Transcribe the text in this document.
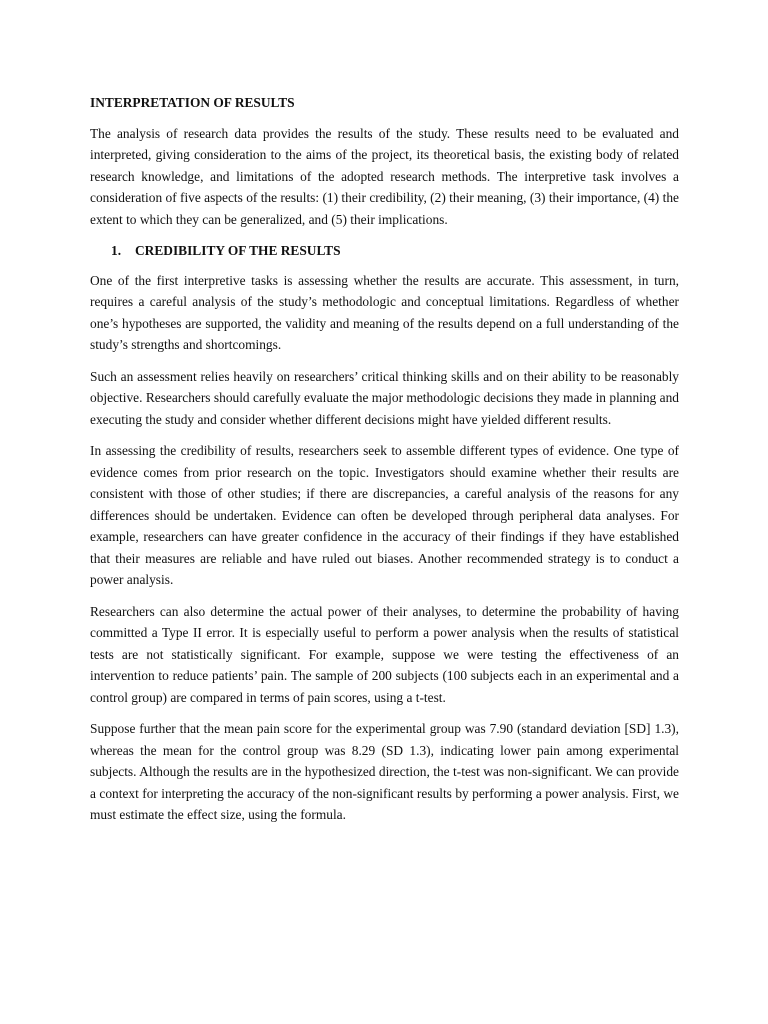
INTERPRETATION OF RESULTS

The analysis of research data provides the results of the study. These results need to be evaluated and interpreted, giving consideration to the aims of the project, its theoretical basis, the existing body of related research knowledge, and limitations of the adopted research methods. The interpretive task involves a consideration of five aspects of the results: (1) their credibility, (2) their meaning, (3) their importance, (4) the extent to which they can be generalized, and (5) their implications.

1. CREDIBILITY OF THE RESULTS

One of the first interpretive tasks is assessing whether the results are accurate. This assessment, in turn, requires a careful analysis of the study’s methodologic and conceptual limitations. Regardless of whether one’s hypotheses are supported, the validity and meaning of the results depend on a full understanding of the study’s strengths and shortcomings.

Such an assessment relies heavily on researchers’ critical thinking skills and on their ability to be reasonably objective. Researchers should carefully evaluate the major methodologic decisions they made in planning and executing the study and consider whether different decisions might have yielded different results.

In assessing the credibility of results, researchers seek to assemble different types of evidence. One type of evidence comes from prior research on the topic. Investigators should examine whether their results are consistent with those of other studies; if there are discrepancies, a careful analysis of the reasons for any differences should be undertaken. Evidence can often be developed through peripheral data analyses. For example, researchers can have greater confidence in the accuracy of their findings if they have established that their measures are reliable and have ruled out biases. Another recommended strategy is to conduct a power analysis.

Researchers can also determine the actual power of their analyses, to determine the probability of having committed a Type II error. It is especially useful to perform a power analysis when the results of statistical tests are not statistically significant. For example, suppose we were testing the effectiveness of an intervention to reduce patients’ pain. The sample of 200 subjects (100 subjects each in an experimental and a control group) are compared in terms of pain scores, using a t-test.

Suppose further that the mean pain score for the experimental group was 7.90 (standard deviation [SD] 1.3), whereas the mean for the control group was 8.29 (SD 1.3), indicating lower pain among experimental subjects. Although the results are in the hypothesized direction, the t-test was non-significant. We can provide a context for interpreting the accuracy of the non-significant results by performing a power analysis. First, we must estimate the effect size, using the formula.
